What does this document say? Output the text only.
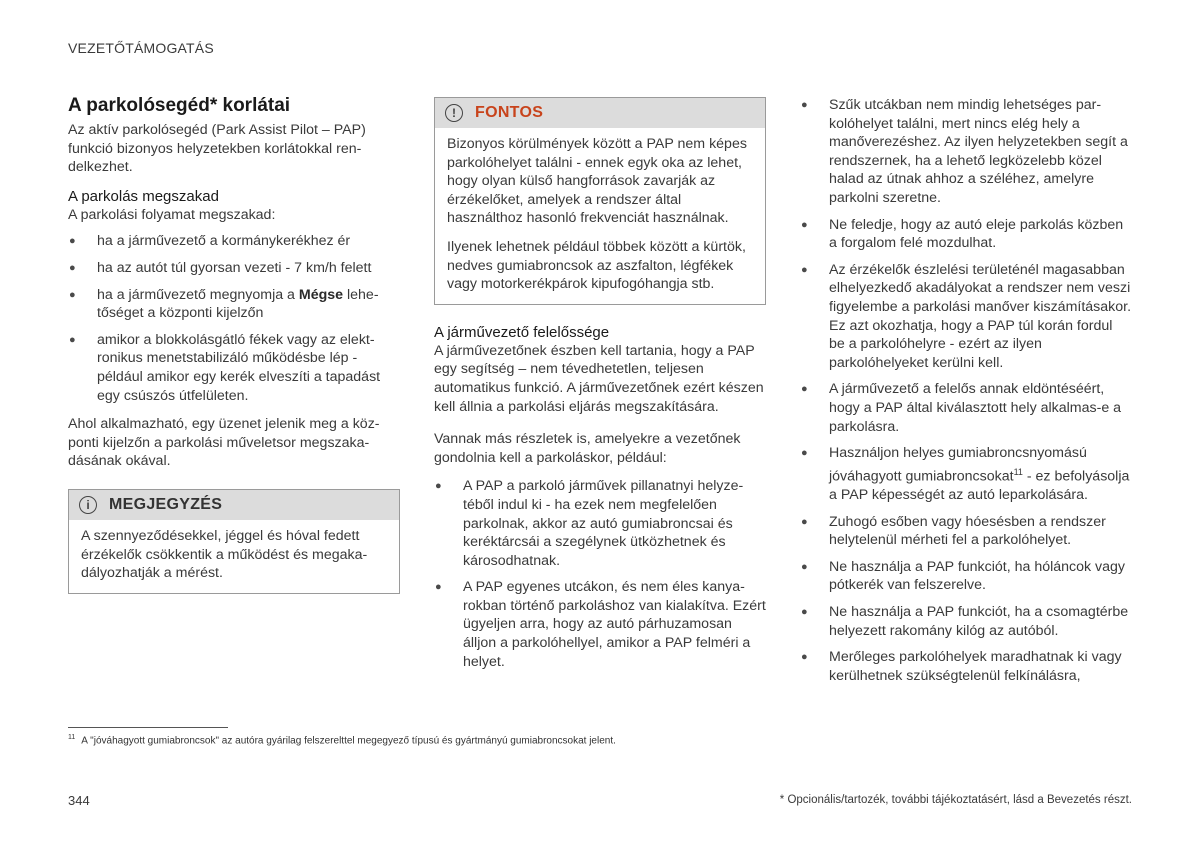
VEZETŐTÁMOGATÁS
A parkolósegéd* korlátai

Az aktív parkolósegéd (Park Assist Pilot – PAP) funkció bizonyos helyzetekben korlátokkal rendelkezhet.

A parkolás megszakad

A parkolási folyamat megszakad:

● ha a járművezető a kormánykerékhez ér
● ha az autót túl gyorsan vezeti - 7 km/h felett
● ha a járművezető megnyomja a Mégse lehetőséget a központi kijelzőn
● amikor a blokkolásgátló fékek vagy az elektronikus menetstabilizáló működésbe lép - például amikor egy kerék elveszíti a tapadást egy csúszós útfelületen.

Ahol alkalmazható, egy üzenet jelenik meg a központi kijelzőn a parkolási műveletsor megszakadásának okával.

i	MEGJEGYZÉS

A szennyeződésekkel, jéggel és hóval fedett érzékelők csökkentik a működést és megakadályozhatják a mérést.

!	FONTOS

Bizonyos körülmények között a PAP nem képes parkolóhelyet találni - ennek egyk oka az lehet, hogy olyan külső hangforrások zavarják az érzékelőket, amelyek a rendszer által használthoz hasonló frekvenciát használnak.

Ilyenek lehetnek például többek között a kürtök, nedves gumiabroncsok az aszfalton, légfékek vagy motorkerékpárok kipufogóhangja stb.

A járművezető felelőssége

A járművezetőnek észben kell tartania, hogy a PAP egy segítség – nem tévedhetetlen, teljesen automatikus funkció. A járművezetőnek ezért készen kell állnia a parkolási eljárás megszakítására.

Vannak más részletek is, amelyekre a vezetőnek gondolnia kell a parkoláskor, például:

● A PAP a parkoló járművek pillanatnyi helyzetéből indul ki - ha ezek nem megfelelően parkolnak, akkor az autó gumiabroncsai és keréktárcsái a szegélynek ütközhetnek és károsodhatnak.
● A PAP egyenes utcákon, és nem éles kanyarokban történő parkoláshoz van kialakítva. Ezért ügyeljen arra, hogy az autó párhuzamosan álljon a parkolóhellyel, amikor a PAP felméri a helyet.
● Szűk utcákban nem mindig lehetséges parkolóhelyet találni, mert nincs elég hely a manőverezéshez. Az ilyen helyzetekben segít a rendszernek, ha a lehető legközelebb közel halad az útnak ahhoz a széléhez, amelyre parkolni szeretne.
● Ne feledje, hogy az autó eleje parkolás közben a forgalom felé mozdulhat.
● Az érzékelők észlelési területénél magasabban elhelyezkedő akadályokat a rendszer nem veszi figyelembe a parkolási manőver kiszámításakor. Ez azt okozhatja, hogy a PAP túl korán fordul be a parkolóhelyre - ezért az ilyen parkolóhelyeket kerülni kell.
● A járművezető a felelős annak eldöntéséért, hogy a PAP által kiválasztott hely alkalmas-e a parkolásra.
● Használjon helyes gumiabroncsnyomású jóváhagyott gumiabroncsokat$^{11}$ - ez befolyásolja a PAP képességét az autó leparkolására.
● Zuhogó esőben vagy hóesésben a rendszer helytelenül mérheti fel a parkolóhelyet.
● Ne használja a PAP funkciót, ha hóláncok vagy pótkerék van felszerelve.
● Ne használja a PAP funkciót, ha a csomagtérbe helyezett rakomány kilóg az autóból.
● Merőleges parkolóhelyek maradhatnak ki vagy kerülhetnek szükségtelenül felkínálásra,
$^{11}$ A "jóváhagyott gumiabroncsok" az autóra gyárilag felszerelttel megegyező típusú és gyártmányú gumiabroncsokat jelent.
344	* Opcionális/tartozék, további tájékoztatásért, lásd a Bevezetés részt.
